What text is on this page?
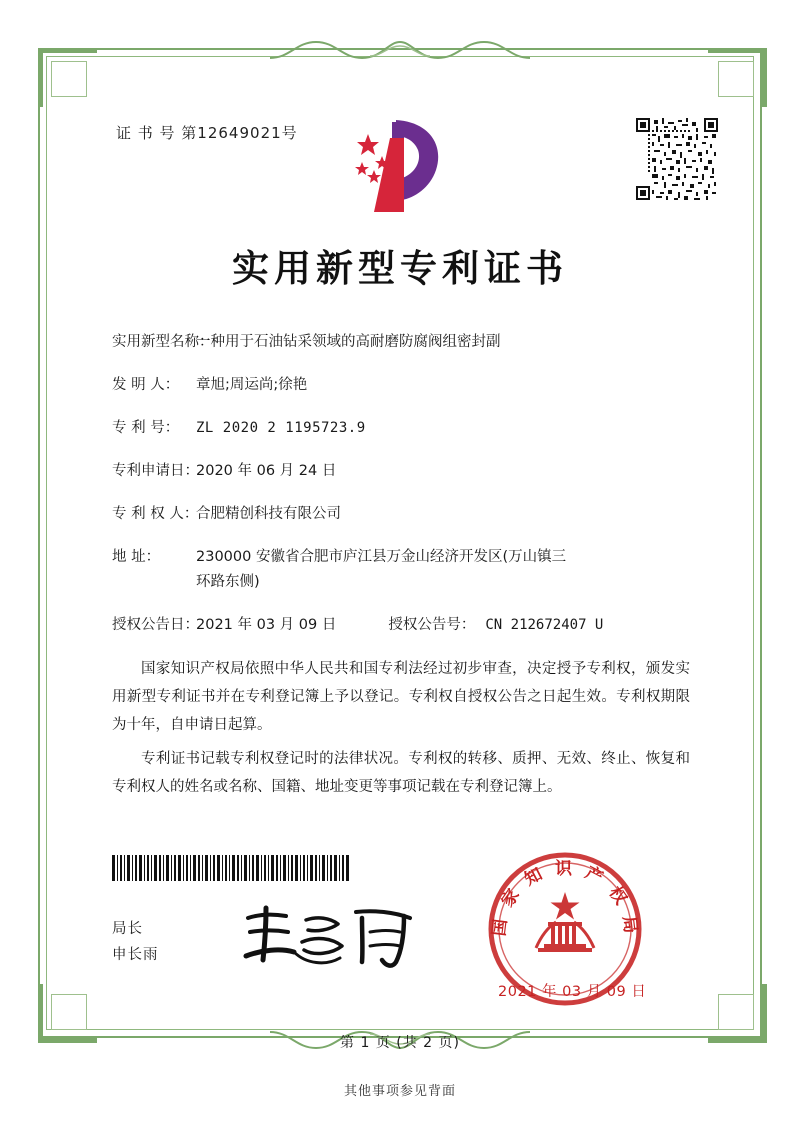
证 书 号 第12649021号
实用新型专利证书
实用新型名称：
一种用于石油钻采领域的高耐磨防腐阀组密封副
发 明 人：	章旭;周运尚;徐艳
专 利 号：	ZL 2020 2 1195723.9
专利申请日：
2020 年 06 月 24 日
专 利 权 人：
合肥精创科技有限公司
地 址：	230000 安徽省合肥市庐江县万金山经济开发区(万山镇三
环路东侧)
授权公告日：
2021 年 03 月 09 日	授权公告号： CN 212672407 U

国家知识产权局依照中华人民共和国专利法经过初步审查，决定授予专利权，颁发实用新型专利证书并在专利登记簿上予以登记。专利权自授权公告之日起生效。专利权期限为十年，自申请日起算。

专利证书记载专利权登记时的法律状况。专利权的转移、质押、无效、终止、恢复和专利权人的姓名或名称、国籍、地址变更等事项记载在专利登记簿上。

局长
申长雨
国 家 知 识 产 权 局
2021 年 03 月 09 日
第 1 页 (共 2 页)
其他事项参见背面
